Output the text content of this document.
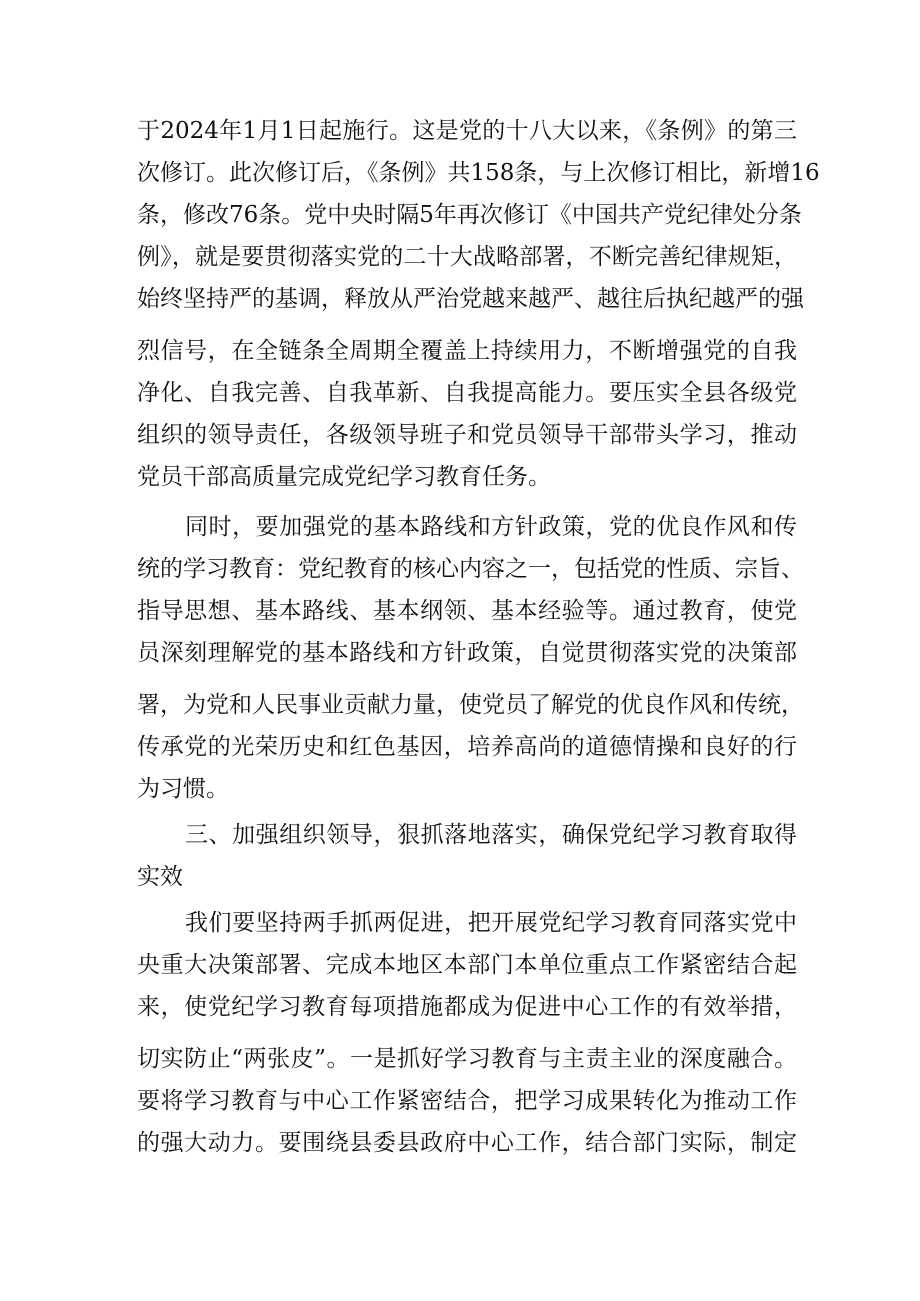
于2024年1月1日起施行。这是党的十八大以来，《条例》的第三
次修订。此次修订后，《条例》共158条，与上次修订相比，新增16
条，修改76条。党中央时隔5年再次修订《中国共产党纪律处分条
例》，就是要贯彻落实党的二十大战略部署，不断完善纪律规矩，
始终坚持严的基调，释放从严治党越来越严、越往后执纪越严的强
烈信号，在全链条全周期全覆盖上持续用力，不断增强党的自我
净化、自我完善、自我革新、自我提高能力。要压实全县各级党
组织的领导责任，各级领导班子和党员领导干部带头学习，推动
党员干部高质量完成党纪学习教育任务。
同时，要加强党的基本路线和方针政策，党的优良作风和传
统的学习教育：党纪教育的核心内容之一，包括党的性质、宗旨、
指导思想、基本路线、基本纲领、基本经验等。通过教育，使党
员深刻理解党的基本路线和方针政策，自觉贯彻落实党的决策部
署，为党和人民事业贡献力量，使党员了解党的优良作风和传统，
传承党的光荣历史和红色基因，培养高尚的道德情操和良好的行
为习惯。
三、加强组织领导，狠抓落地落实，确保党纪学习教育取得
实效
我们要坚持两手抓两促进，把开展党纪学习教育同落实党中
央重大决策部署、完成本地区本部门本单位重点工作紧密结合起
来，使党纪学习教育每项措施都成为促进中心工作的有效举措，
切实防止“两张皮”。一是抓好学习教育与主责主业的深度融合。
要将学习教育与中心工作紧密结合，把学习成果转化为推动工作
的强大动力。要围绕县委县政府中心工作，结合部门实际，制定
